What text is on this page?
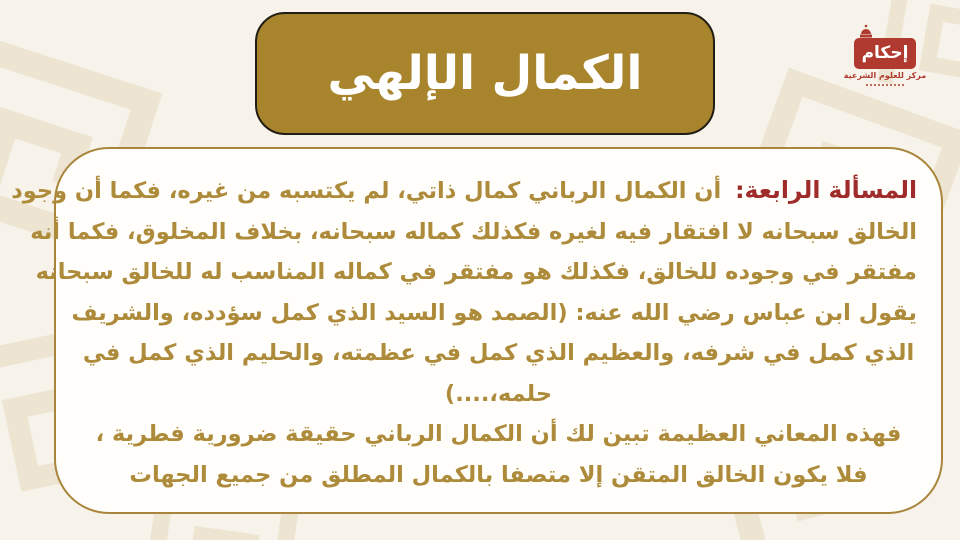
الكمال الإلهي	إحكام
مركز للعلوم الشرعية
المسألة الرابعة: أن الكمال الرباني كمال ذاتي، لم يكتسبه من غيره، فكما أن وجود
الخالق سبحانه لا افتقار فيه لغيره فكذلك كماله سبحانه، بخلاف المخلوق، فكما أنه
مفتقر في وجوده للخالق، فكذلك هو مفتقر في كماله المناسب له للخالق سبحانه
يقول ابن عباس رضي الله عنه: (الصمد هو السيد الذي كمل سؤدده، والشريف
الذي كمل في شرفه، والعظيم الذي كمل في عظمته، والحليم الذي كمل في
حلمه،....)
فهذه المعاني العظيمة تبين لك أن الكمال الرباني حقيقة ضرورية فطرية ،
فلا يكون الخالق المتقن إلا متصفا بالكمال المطلق من جميع الجهات
